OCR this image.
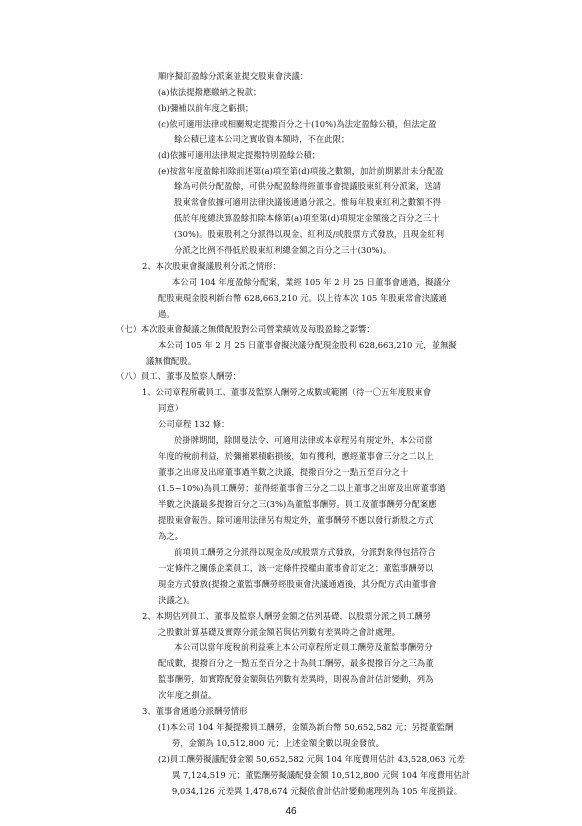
順序擬訂盈餘分派案並提交股東會決議：
(a)依法提撥應繳納之稅款；
(b)彌補以前年度之虧損；
(c)依可適用法律或相關規定提撥百分之十(10%)為法定盈餘公積，但法定盈
餘公積已達本公司之實收資本額時，不在此限；
(d)依據可適用法律規定提撥特別盈餘公積；
(e)按當年度盈餘扣除前述第(a)項至第(d)項後之數額，加計前期累計未分配盈
餘為可供分配盈餘，可供分配盈餘得經董事會提議股東紅利分派案，送請
股東常會依據可適用法律決議後通過分派之。惟每年股東紅利之數額不得
低於年度總決算盈餘扣除本條第(a)項至第(d)項規定金額後之百分之三十
(30%)。股東股利之分派得以現金、紅利及/或股票方式發放，且現金紅利
分派之比例不得低於股東紅利總金額之百分之三十(30%)。
2、本次股東會擬議股利分派之情形：
本公司 104 年度盈餘分配案，業經 105 年 2 月 25 日董事會通過，擬議分
配股東現金股利新台幣 628,663,210 元。以上待本次 105 年股東常會決議通
過。
（七）本次股東會擬議之無償配股對公司營業績效及每股盈餘之影響：
本公司 105 年 2 月 25 日董事會擬決議分配現金股利 628,663,210 元，並無擬
議無償配股。
（八）員工、董事及監察人酬勞：
1、公司章程所載員工、董事及監察人酬勞之成數或範圍（待一〇五年度股東會
同意）
公司章程 132 條：
於掛牌期間，除開曼法令、可適用法律或本章程另有規定外，本公司當
年度的稅前利益，於彌補累積虧損後，如有獲利，應經董事會三分之二以上
董事之出席及出席董事過半數之決議，提撥百分之一點五至百分之十
(1.5~10%)為員工酬勞；並得經董事會三分之二以上董事之出席及出席董事過
半數之決議最多提撥百分之三(3%)為董監事酬勞。員工及董事酬勞分配案應
提股東會報告。除可適用法律另有規定外，董事酬勞不應以發行新股之方式
為之。
前項員工酬勞之分派得以現金及/或股票方式發放，分派對象得包括符合
一定條件之關係企業員工，該一定條件授權由董事會訂定之；董監事酬勞以
現金方式發放(提撥之董監事酬勞經股東會決議通過後，其分配方式由董事會
決議之)。
2、本期估列員工、董事及監察人酬勞金額之估列基礎、以股票分派之員工酬勞
之股數計算基礎及實際分派金額若與估列數有差異時之會計處理。
本公司以當年度稅前利益乘上本公司章程所定員工酬勞及董監事酬勞分
配成數，提撥百分之一點五至百分之十為員工酬勞，最多提撥百分之三為董
監事酬勞，如實際配發金額與估列數有差異時，則視為會計估計變動，列為
次年度之損益。
3、董事會通過分派酬勞情形
(1)本公司 104 年擬提撥員工酬勞，金額為新台幣 50,652,582 元；另提董監酬
勞，金額為 10,512,800 元；上述金額全數以現金發放。
(2)員工酬勞擬議配發金額 50,652,582 元與 104 年度費用估計 43,528,063 元差
異 7,124,519 元；董監酬勞擬議配發金額 10,512,800 元與 104 年度費用估計
9,034,126 元差異 1,478,674 元擬依會計估計變動處理列為 105 年度損益。
46
